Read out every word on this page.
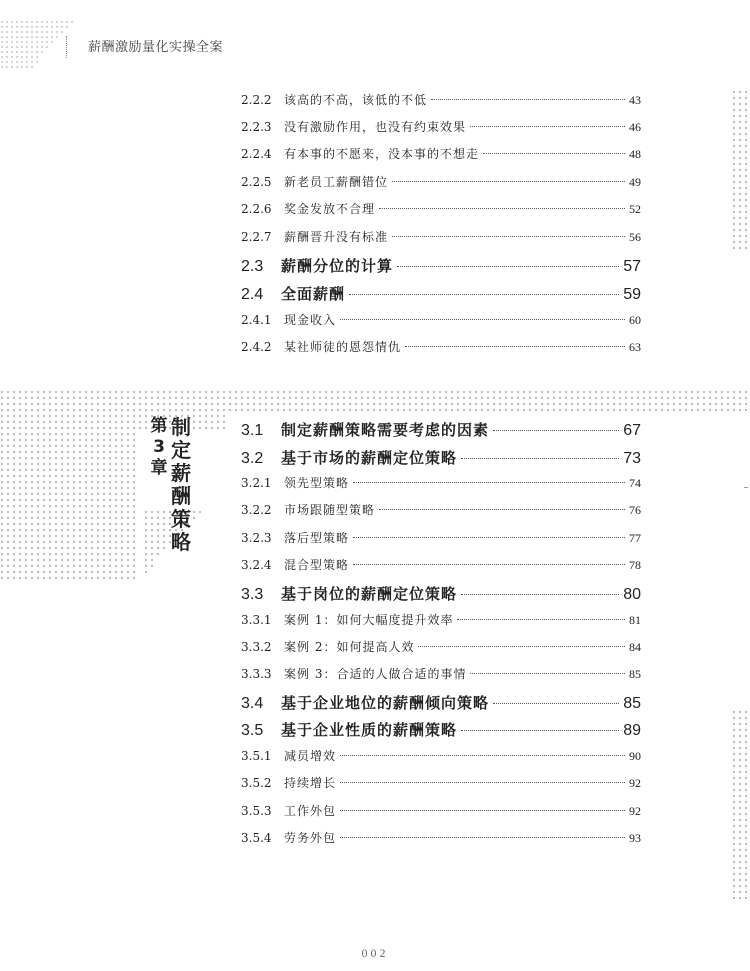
薪酬激励量化实操全案
第
3
章
制
定
薪
酬
策
略
2.2.2	该高的不高，该低的不低	43
2.2.3	没有激励作用，也没有约束效果	46
2.2.4	有本事的不愿来，没本事的不想走	48
2.2.5	新老员工薪酬错位	49
2.2.6	奖金发放不合理	52
2.2.7	薪酬晋升没有标准	56
2.3	薪酬分位的计算	57
2.4	全面薪酬	59
2.4.1	现金收入	60
2.4.2	某社师徒的恩怨情仇	63
3.1	制定薪酬策略需要考虑的因素	67
3.2	基于市场的薪酬定位策略	73
3.2.1	领先型策略	74
3.2.2	市场跟随型策略	76
3.2.3	落后型策略	77
3.2.4	混合型策略	78
3.3	基于岗位的薪酬定位策略	80
3.3.1	案例 1：如何大幅度提升效率	81
3.3.2	案例 2：如何提高人效	84
3.3.3	案例 3：合适的人做合适的事情	85
3.4	基于企业地位的薪酬倾向策略	85
3.5	基于企业性质的薪酬策略	89
3.5.1	减员增效	90
3.5.2	持续增长	92
3.5.3	工作外包	92
3.5.4	劳务外包	93
002
